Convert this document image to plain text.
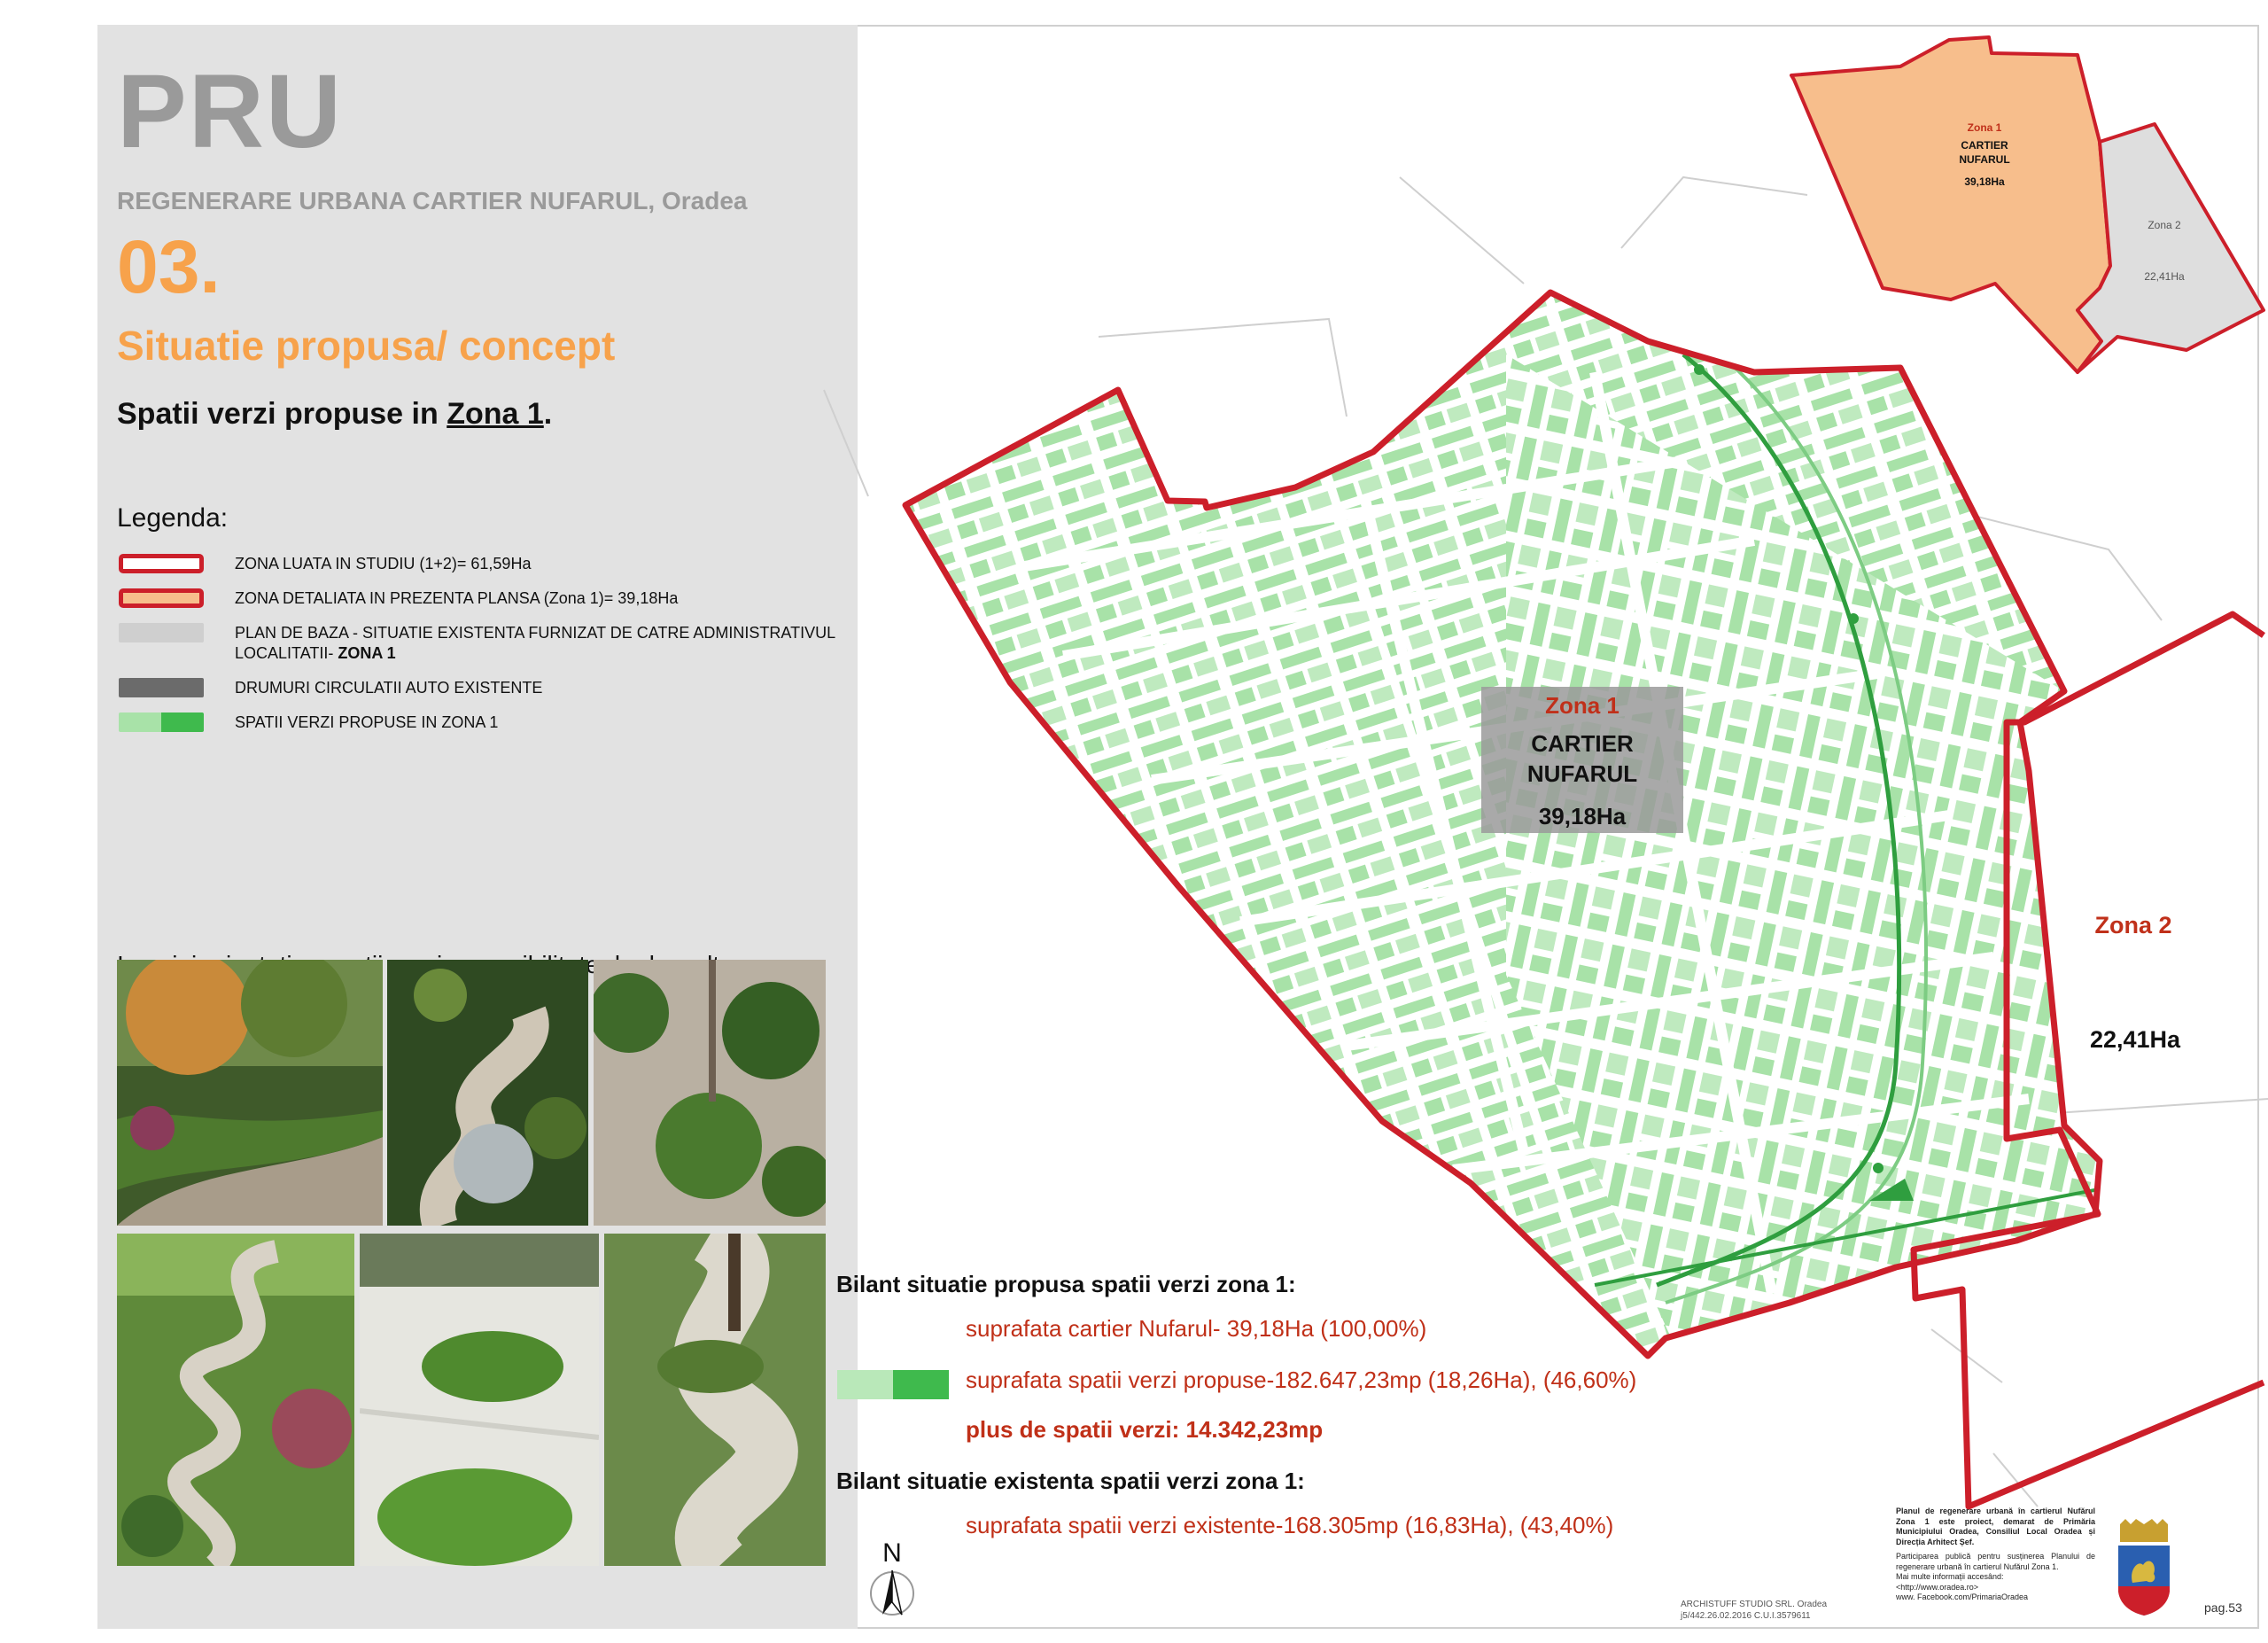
PRU
REGENERARE URBANA CARTIER NUFARUL, Oradea
03.
Situatie propusa/ concept
Spatii verzi propuse in Zona 1.
Legenda:
ZONA LUATA IN STUDIU (1+2)= 61,59Ha
ZONA DETALIATA IN PREZENTA PLANSA (Zona 1)= 39,18Ha
PLAN DE BAZA - SITUATIE EXISTENTA FURNIZAT DE CATRE ADMINISTRATIVUL LOCALITATII- ZONA 1
DRUMURI CIRCULATII AUTO EXISTENTE
SPATII VERZI PROPUSE IN ZONA 1
Zona 1
CARTIER
NUFARUL
39,18Ha
Zona 2
22,41Ha
Zona 1
CARTIER
NUFARUL
39,18Ha
Zona 2
22,41Ha
N
Bilant situatie propusa spatii verzi zona 1:
suprafata cartier Nufarul- 39,18Ha (100,00%)
suprafata spatii verzi propuse-182.647,23mp (18,26Ha), (46,60%)
plus de spatii verzi: 14.342,23mp
Bilant situatie existenta spatii verzi zona 1:
suprafata spatii verzi existente-168.305mp (16,83Ha), (43,40%)
ARCHISTUFF STUDIO SRL. Oradea
j5/442.26.02.2016 C.U.I.3579611
Planul de regenerare urbană în cartierul Nufărul Zona 1 este proiect, demarat de Primăria Municipiului Oradea, Consiliul Local Oradea și Direcția Arhitect Șef.
Participarea publică pentru susținerea Planului de regenerare urbană în cartierul Nufărul Zona 1.
Mai multe informații accesând:
<http://www.oradea.ro>
www. Facebook.com/PrimariaOradea
pag.53
